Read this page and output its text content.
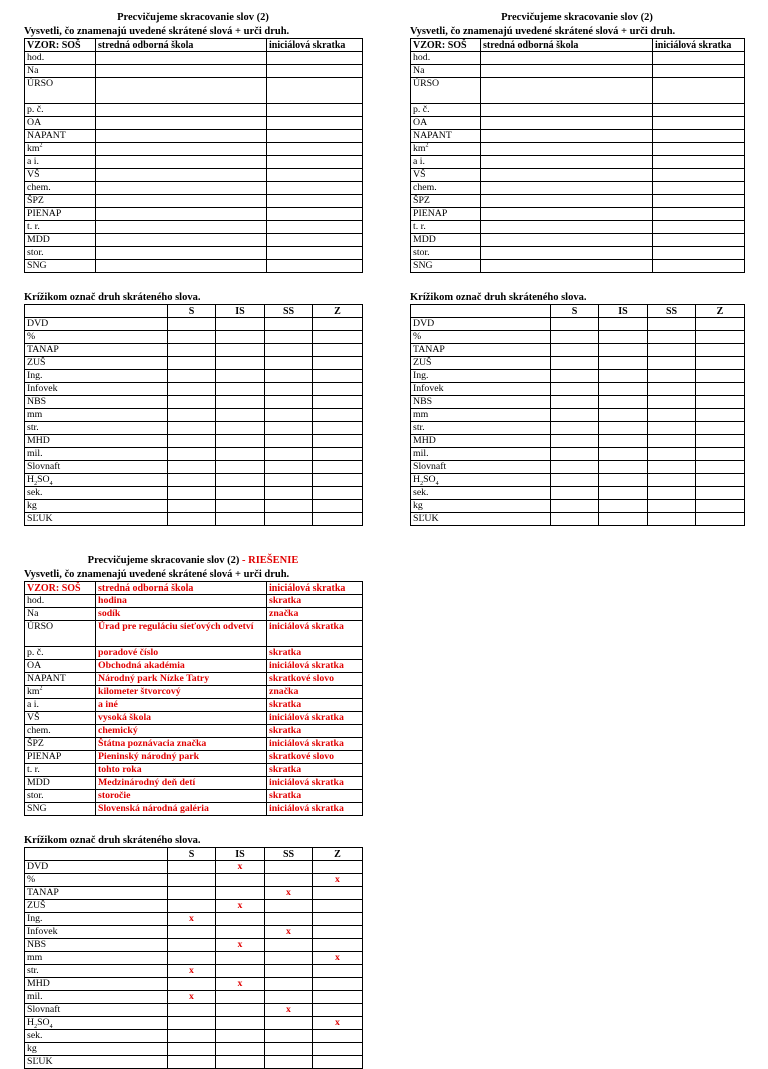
Precvičujeme skracovanie slov (2)

Vysvetli, čo znamenajú uvedené skrátené slová + urči druh.

VZOR: SOŠ	stredná odborná škola	iniciálová skratka
hod.		
Na		
ÚRSO		
p. č.		
OA		
NAPANT		
$km^2$		
a i.		
VŠ		
chem.		
ŠPZ		
PIENAP		
t. r.		
MDD		
stor.		
SNG		

Krížikom označ druh skráteného slova.

	S	IS	SS	Z
DVD				
%				
TANAP				
ZUŠ				
Ing.				
Infovek				
NBS				
mm				
str.				
MHD				
mil.				
Slovnaft				
$H_2SO_4$				
sek.				
kg				
SĽUK				

Precvičujeme skracovanie slov (2)

Vysvetli, čo znamenajú uvedené skrátené slová + urči druh.

VZOR: SOŠ	stredná odborná škola	iniciálová skratka
hod.		
Na		
ÚRSO		
p. č.		
OA		
NAPANT		
$km^2$		
a i.		
VŠ		
chem.		
ŠPZ		
PIENAP		
t. r.		
MDD		
stor.		
SNG		

Krížikom označ druh skráteného slova.

	S	IS	SS	Z
DVD				
%				
TANAP				
ZUŠ				
Ing.				
Infovek				
NBS				
mm				
str.				
MHD				
mil.				
Slovnaft				
$H_2SO_4$				
sek.				
kg				
SĽUK				

Precvičujeme skracovanie slov (2) - RIEŠENIE

Vysvetli, čo znamenajú uvedené skrátené slová + urči druh.

VZOR: SOŠ	stredná odborná škola	iniciálová skratka
hod.	hodina	skratka
Na	sodík	značka
ÚRSO	Úrad pre reguláciu sieťových odvetví	iniciálová skratka
p. č.	poradové číslo	skratka
OA	Obchodná akadémia	iniciálová skratka
NAPANT	Národný park Nízke Tatry	skratkové slovo
$km^2$	kilometer štvorcový	značka
a i.	a iné	skratka
VŠ	vysoká škola	iniciálová skratka
chem.	chemický	skratka
ŠPZ	Štátna poznávacia značka	iniciálová skratka
PIENAP	Pieninský národný park	skratkové slovo
t. r.	tohto roka	skratka
MDD	Medzinárodný deň detí	iniciálová skratka
stor.	storočie	skratka
SNG	Slovenská národná galéria	iniciálová skratka

Krížikom označ druh skráteného slova.

	S	IS	SS	Z
DVD		x		
%				x
TANAP			x	
ZUŠ		x		
Ing.	x			
Infovek			x	
NBS		x		
mm				x
str.	x			
MHD		x		
mil.	x			
Slovnaft			x	
$H_2SO_4$				x
sek.				
kg				
SĽUK				
